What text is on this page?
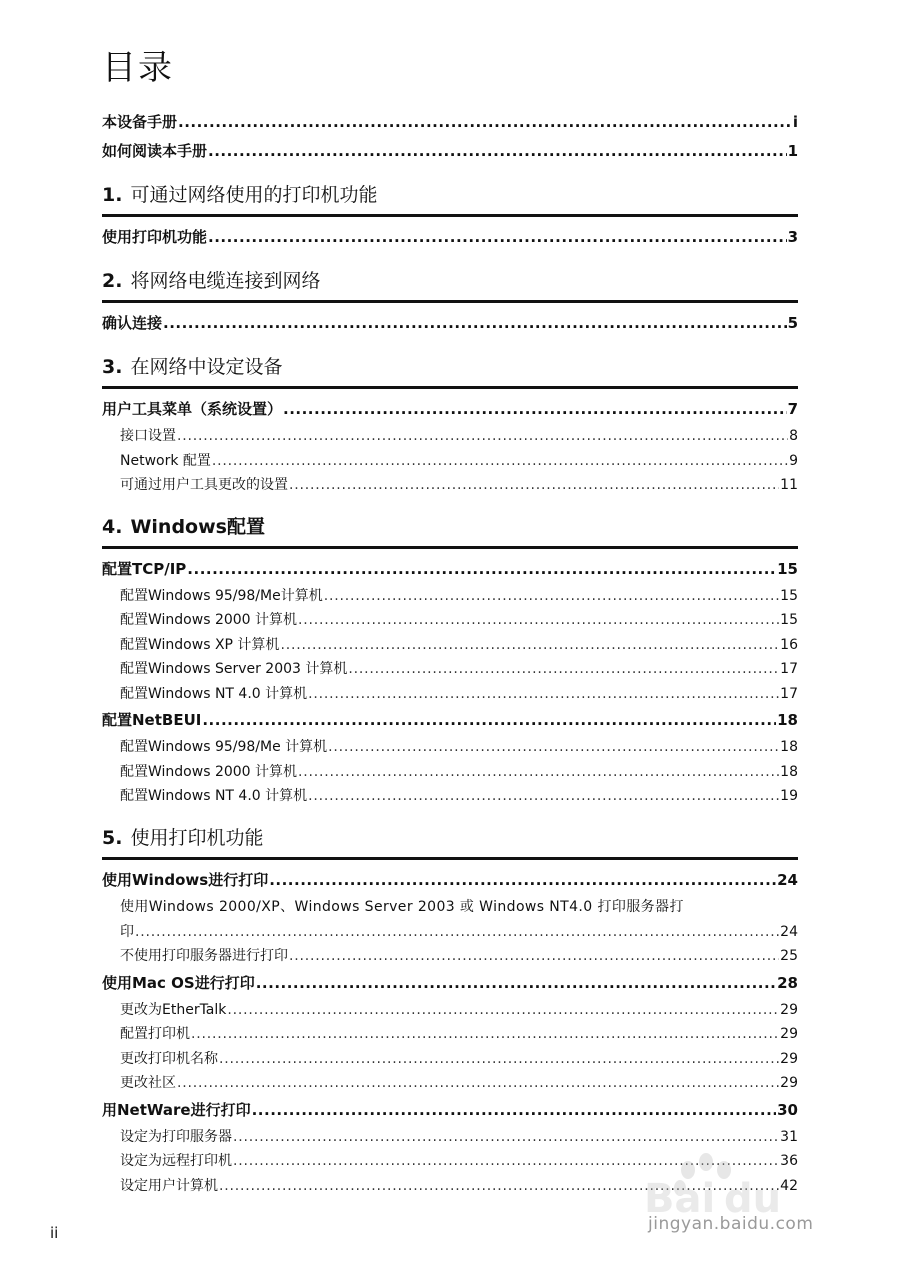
目录
本设备手册 .....	i
如何阅读本手册 .....	1
1. 可通过网络使用的打印机功能
使用打印机功能 .....	3
2. 将网络电缆连接到网络
确认连接 .....	5
3. 在网络中设定设备
用户工具菜单（系统设置） .....	7
接口设置 .....	8
Network 配置 .....	9
可通过用户工具更改的设置 .....	11
4. Windows配置
配置TCP/IP .....	15
配置Windows 95/98/Me计算机 .....	15
配置Windows 2000 计算机 .....	15
配置Windows XP 计算机 .....	16
配置Windows Server 2003 计算机 .....	17
配置Windows NT 4.0 计算机 .....	17
配置NetBEUI .....	18
配置Windows 95/98/Me 计算机 .....	18
配置Windows 2000 计算机 .....	18
配置Windows NT 4.0 计算机 .....	19
5. 使用打印机功能
使用Windows进行打印 .....	24
使用Windows 2000/XP、Windows Server 2003 或 Windows NT4.0 打印服务器打
印 .....	24
不使用打印服务器进行打印 .....	25
使用Mac OS进行打印 .....	28
更改为EtherTalk .....	29
配置打印机 .....	29
更改打印机名称 .....	29
更改社区 .....	29
用NetWare进行打印 .....	30
设定为打印服务器 .....	31
设定为远程打印机 .....	36
设定用户计算机 .....	42
ii
Bai du
jingyan.baidu.com
